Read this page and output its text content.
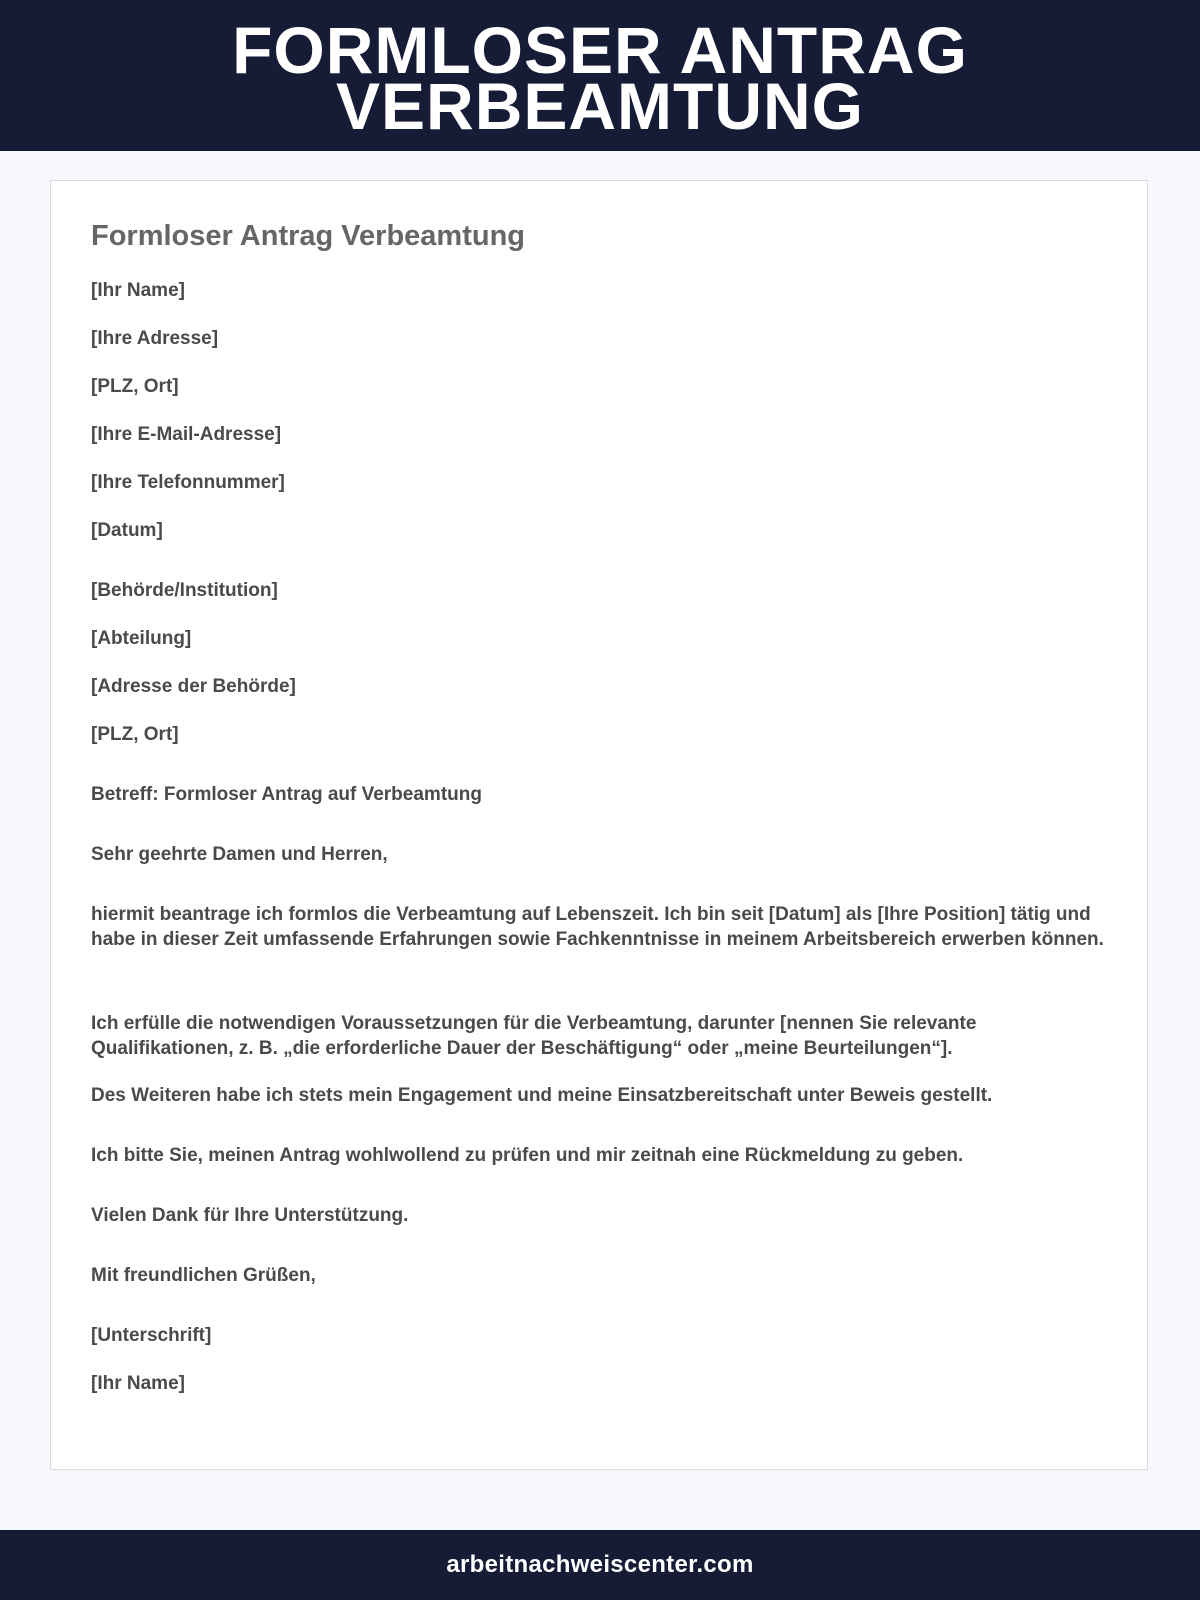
FORMLOSER ANTRAG
VERBEAMTUNG
Formloser Antrag Verbeamtung

[Ihr Name]

[Ihre Adresse]

[PLZ, Ort]

[Ihre E-Mail-Adresse]

[Ihre Telefonnummer]

[Datum]

[Behörde/Institution]

[Abteilung]

[Adresse der Behörde]

[PLZ, Ort]

Betreff: Formloser Antrag auf Verbeamtung

Sehr geehrte Damen und Herren,

hiermit beantrage ich formlos die Verbeamtung auf Lebenszeit. Ich bin seit [Datum] als [Ihre Position] tätig und habe in dieser Zeit umfassende Erfahrungen sowie Fachkenntnisse in meinem Arbeitsbereich erwerben können.

Ich erfülle die notwendigen Voraussetzungen für die Verbeamtung, darunter [nennen Sie relevante Qualifikationen, z. B. „die erforderliche Dauer der Beschäftigung“ oder „meine Beurteilungen“].

Des Weiteren habe ich stets mein Engagement und meine Einsatzbereitschaft unter Beweis gestellt.

Ich bitte Sie, meinen Antrag wohlwollend zu prüfen und mir zeitnah eine Rückmeldung zu geben.

Vielen Dank für Ihre Unterstützung.

Mit freundlichen Grüßen,

[Unterschrift]

[Ihr Name]

arbeitnachweiscenter.com
